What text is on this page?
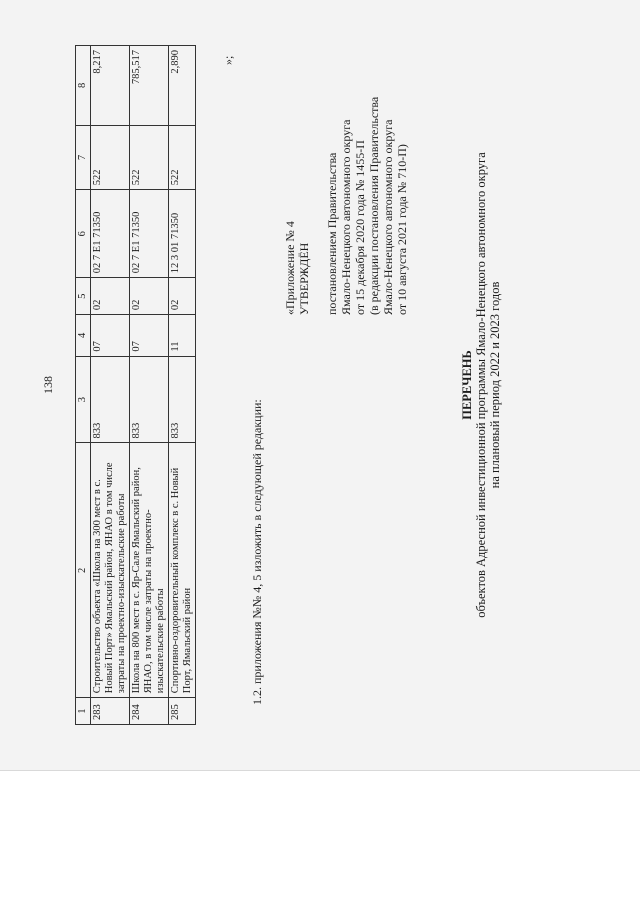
138
1	2	3	4	5	6	7	8
283	Строительство объекта «Школа на 300 мест в с. Новый Порт» Ямальский район, ЯНАО в том числе затраты на проектно-изыскательские работы	833	07	02	02 7 E1 71350	522	8,217
284	Школа на 800 мест в с. Яр-Сале Ямальский район, ЯНАО, в том числе затраты на проектно-изыскательские работы	833	07	02	02 7 E1 71350	522	785,517
285	Спортивно-оздоровительный комплекс в с. Новый Порт, Ямальский район	833	11	02	12 3 01 71350	522	2,890	»;
1.2. приложения №№ 4, 5 изложить в следующей редакции:
«Приложение № 4 УТВЕРЖДЁН постановлением Правительства Ямало-Ненецкого автономного округа от 15 декабря 2020 года № 1455-П (в редакции постановления Правительства Ямало-Ненецкого автономного округа от 10 августа 2021 года № 710-П)
ПЕРЕЧЕНЬ объектов Адресной инвестиционной программы Ямало-Ненецкого автономного округа на плановый период 2022 и 2023 годов
